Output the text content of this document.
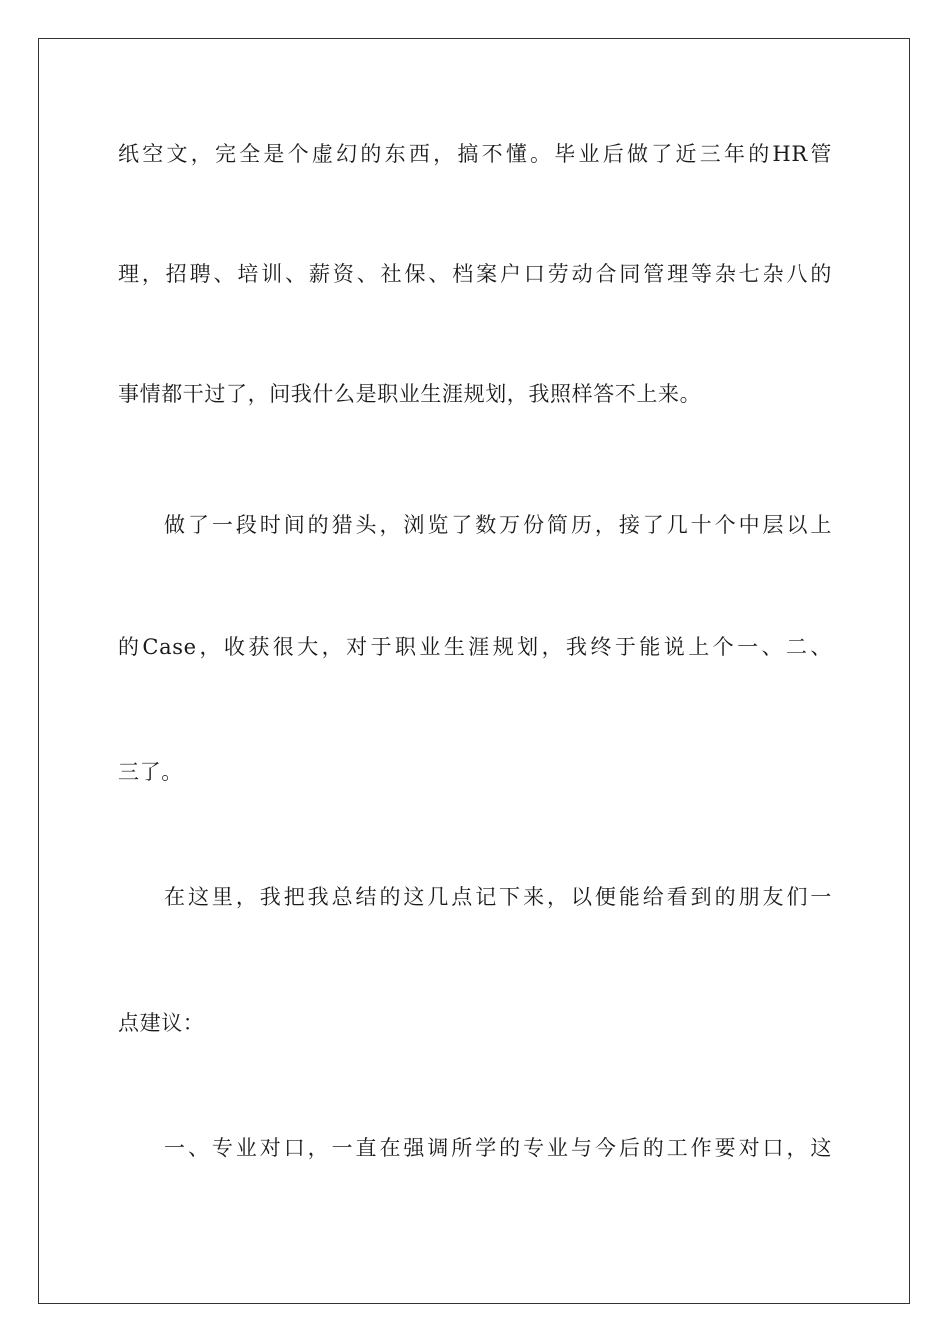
纸空文，完全是个虚幻的东西，搞不懂。毕业后做了近三年的HR管
理，招聘、培训、薪资、社保、档案户口劳动合同管理等杂七杂八的
事情都干过了，问我什么是职业生涯规划，我照样答不上来。
做了一段时间的猎头，浏览了数万份简历，接了几十个中层以上
的Case，收获很大，对于职业生涯规划，我终于能说上个一、二、
三了。
在这里，我把我总结的这几点记下来，以便能给看到的朋友们一
点建议：
一、专业对口，一直在强调所学的专业与今后的工作要对口，这
